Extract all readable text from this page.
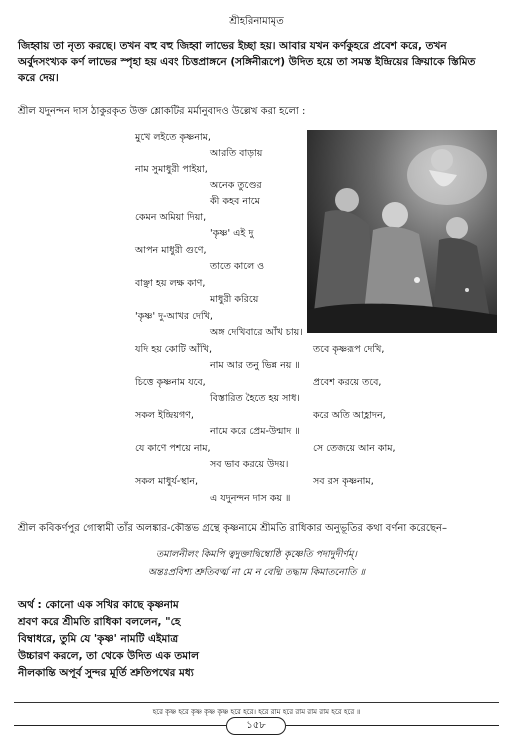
শ্রীহরিনামামৃত
জিহ্বায় তা নৃত্য করছে। তখন বহু বহু জিহ্বা লাভের ইচ্ছা হয়। আবার যখন কর্ণকুহরে প্রবেশ করে, তখন
অর্বুদসংখ্যক কর্ণ লাভের স্পৃহা হয় এবং চিত্তপ্রাঙ্গনে (সঙ্গিনীরূপে) উদিত হয়ে তা সমস্ত ইন্দ্রিয়ের ক্রিয়াকে স্তিমিত
করে দেয়।
শ্রীল যদুনন্দন দাস ঠাকুরকৃত উক্ত শ্লোকটির মর্মানুবাদও উল্লেখ করা হলো :
মুখে লইতে কৃষ্ণনাম,
আরতি বাড়ায়
নাম সুমাধুরী পাইয়া,
অনেক তুণ্ডের
কী কহব নামে
কেমন অমিয়া দিয়া,
'কৃষ্ণ' এই দু
আপন মাধুরী গুণে,
তাতে কালে ও
বাঞ্ছা হয় লক্ষ কাণ,
মাধুরী করিয়ে
'কৃষ্ণ' দু-আখর দেখি,
অঙ্গ দেখিবারে আঁখ চায়।
যদি হয় কোটি আঁখি,	তবে কৃষ্ণরূপ দেখি,
নাম আর তনু ভিন্ন নয় ॥
চিত্তে কৃষ্ণনাম যবে,	প্রবেশ করয়ে তবে,
বিস্তারিত হৈতে হয় সাধ।
সকল ইন্দ্রিয়গণ,	করে অতি আহ্লাদন,
নামে করে প্রেম-উন্মাদ ॥
যে কাণে পশয়ে নাম,	সে তেজয়ে আন কাম,
সব ভাব করয়ে উদয়।
সকল মাধুর্য-স্থান,	সব রস কৃষ্ণনাম,
এ যদুনন্দন দাস কয় ॥
শ্রীল কবিকর্ণপুর গোস্বামী তাঁর অলঙ্কার-কৌস্তভ গ্রন্থে কৃষ্ণনামে শ্রীমতি রাধিকার অনুভূতির কথা বর্ণনা করেছেন–
তমালনীলং কিমপি ত্বদুক্তাদ্বিম্বোষ্ঠি কৃষ্ণেতি পদাদুদীর্ণম্।
অন্তঃপ্রবিশ্য শ্রুতিবর্ত্ম না মে ন বেদ্মি তদ্ধাম কিমাতনোতি ॥
অর্থ : কোনো এক সখির কাছে কৃষ্ণনাম
শ্রবণ করে শ্রীমতি রাধিকা বললেন, "হে
বিম্বাধরে, তুমি যে 'কৃষ্ণ' নামটি এইমাত্র
উচ্চারণ করলে, তা থেকে উদিত এক তমাল
নীলকান্তি অপূর্ব সুন্দর মূর্তি শ্রুতিপথের মধ্য
হরে কৃষ্ণ হরে কৃষ্ণ কৃষ্ণ কৃষ্ণ হরে হরে। হরে রাম হরে রাম রাম রাম হরে হরে ॥
১৫৮
